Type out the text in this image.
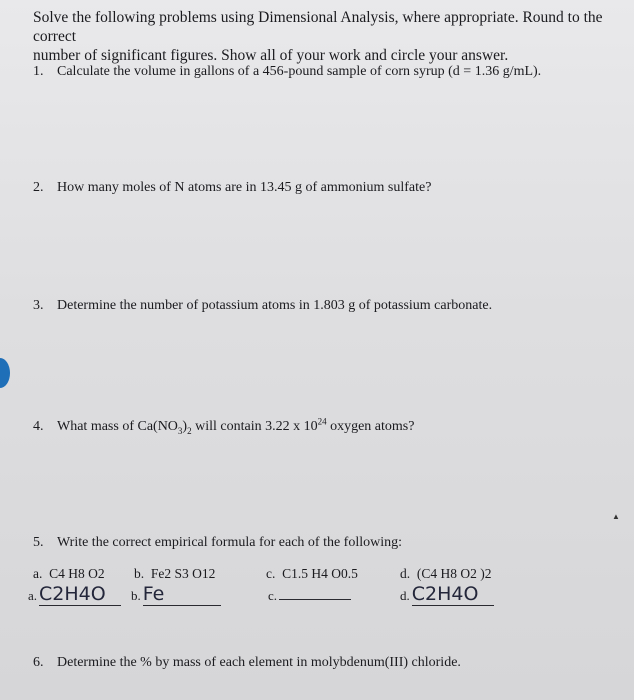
Solve the following problems using Dimensional Analysis, where appropriate. Round to the correct
number of significant figures. Show all of your work and circle your answer.
1. Calculate the volume in gallons of a 456-pound sample of corn syrup (d = 1.36 g/mL).
2. How many moles of N atoms are in 13.45 g of ammonium sulfate?
3. Determine the number of potassium atoms in 1.803 g of potassium carbonate.
4. What mass of $Ca(NO_3)_2$ will contain 3.22 x $10^{24}$ oxygen atoms?
5. Write the correct empirical formula for each of the following:
a. C4 H8 O2 b. Fe2 S3 O12	c. C1.5 H4 O0.5	d. (C4 H8 O2 )2
a. C2H4O	b. Fe	c.	d. C2H4O
6. Determine the % by mass of each element in molybdenum(III) chloride.
▲
